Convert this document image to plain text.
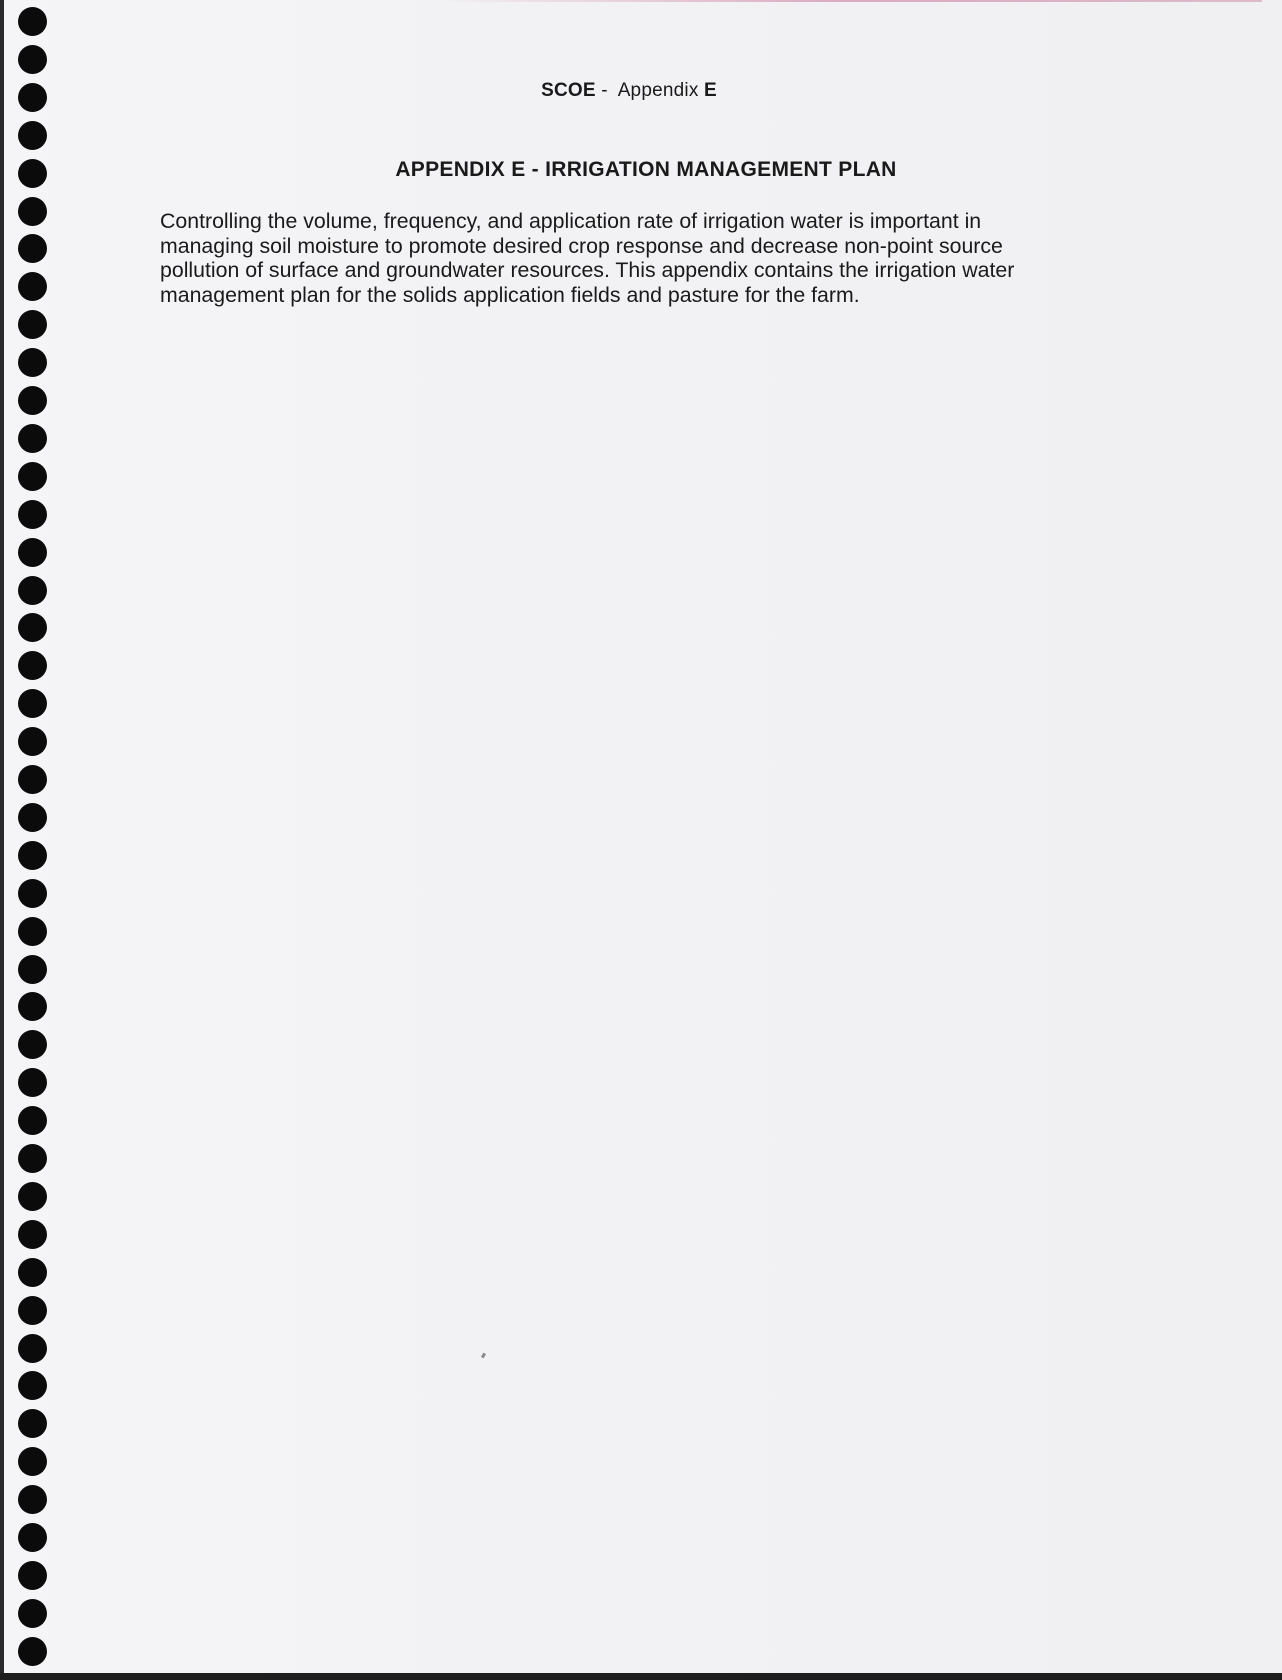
SCOE -  Appendix E
APPENDIX E - IRRIGATION MANAGEMENT PLAN
Controlling the volume, frequency, and application rate of irrigation water is important in
managing soil moisture to promote desired crop response and decrease non-point source
pollution of surface and groundwater resources. This appendix contains the irrigation water
management plan for the solids application fields and pasture for the farm.
